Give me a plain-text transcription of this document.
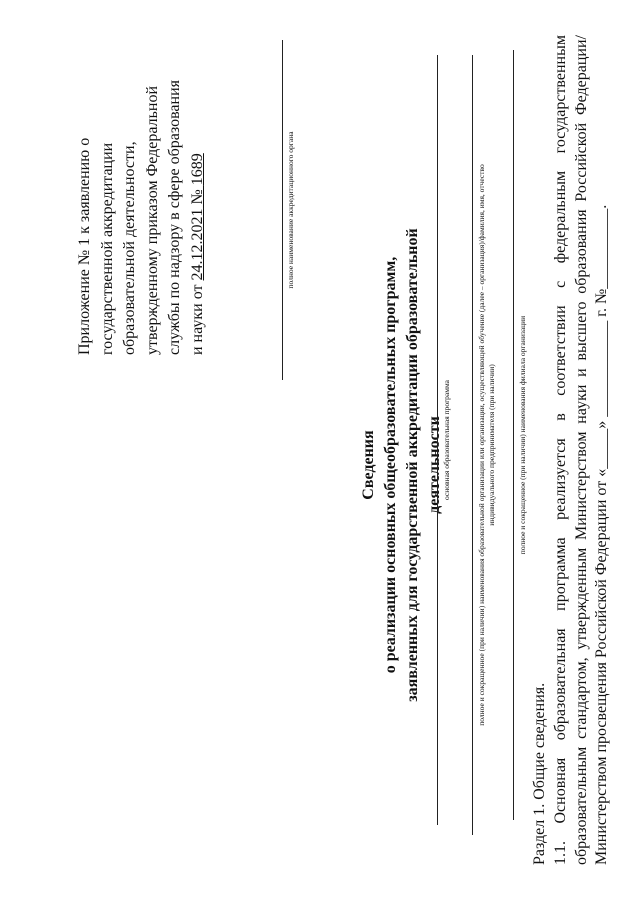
Приложение № 1 к заявлению о государственной аккредитации образовательной деятельности, утвержденному приказом Федеральной службы по надзору в сфере образования и науки от 24.12.2021 № 1689	полное наименование аккредитационного органа
Сведения о реализации основных общеобразовательных программ, заявленных для государственной аккредитации образовательной деятельности основная образовательная программа	полное и сокращенное (при наличии) наименования образовательной организации или организации, осуществляющей обучение (далее – организация)/фамилия, имя, отчество индивидуального предпринимателя (при наличии)	полное и сокращенное (при наличии) наименования филиала организации
Раздел 1. Общие сведения. 1.1. Основная образовательная программа реализуется в соответствии с федеральным государственным образовательным стандартом, утвержденным Министерством науки и высшего образования Российской Федерации/Министерством просвещения Российской Федерации от «_____» ____________ г. №__________.
